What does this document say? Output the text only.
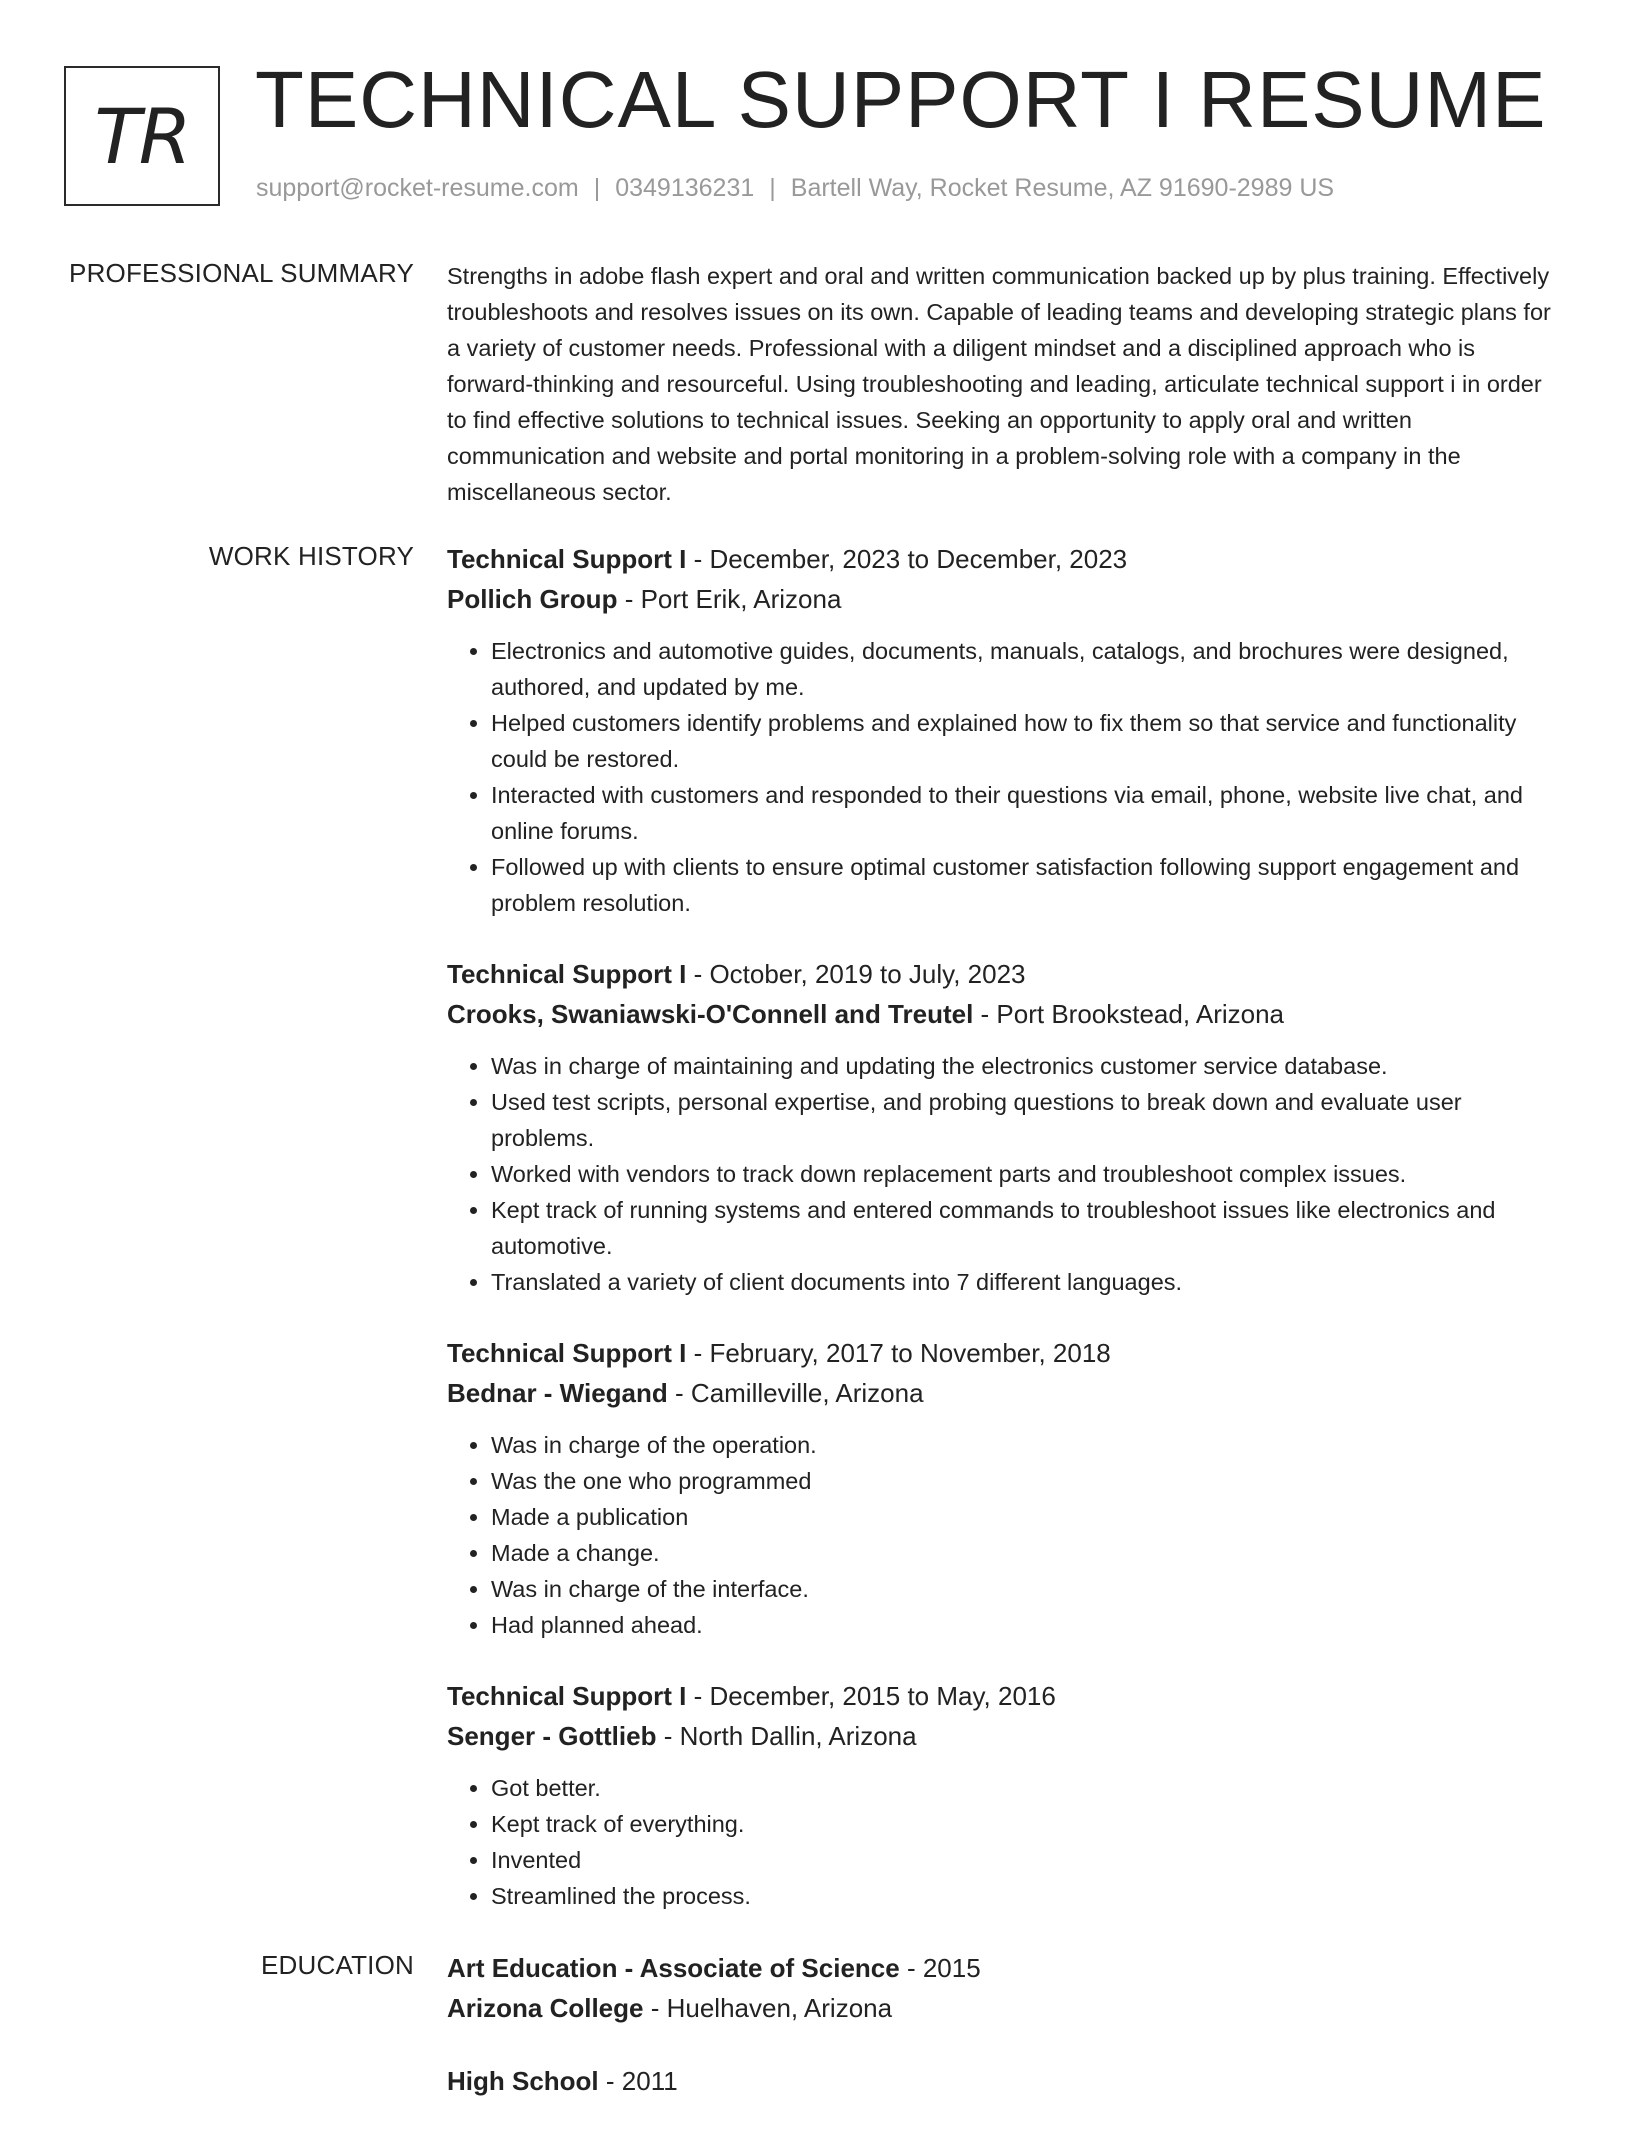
TR TECHNICAL SUPPORT I RESUME
support@rocket-resume.com | 0349136231 | Bartell Way, Rocket Resume, AZ 91690-2989 US
PROFESSIONAL SUMMARY Strengths in adobe flash expert and oral and written communication backed up by plus training. Effectively troubleshoots and resolves issues on its own. Capable of leading teams and developing strategic plans for a variety of customer needs. Professional with a diligent mindset and a disciplined approach who is forward-thinking and resourceful. Using troubleshooting and leading, articulate technical support i in order to find effective solutions to technical issues. Seeking an opportunity to apply oral and written communication and website and portal monitoring in a problem-solving role with a company in the miscellaneous sector.

WORK HISTORY Technical Support I - December, 2023 to December, 2023
Pollich Group - Port Erik, Arizona
• Electronics and automotive guides, documents, manuals, catalogs, and brochures were designed, authored, and updated by me.
• Helped customers identify problems and explained how to fix them so that service and functionality could be restored.
• Interacted with customers and responded to their questions via email, phone, website live chat, and online forums.
• Followed up with clients to ensure optimal customer satisfaction following support engagement and problem resolution.
Technical Support I - October, 2019 to July, 2023
Crooks, Swaniawski-O'Connell and Treutel - Port Brookstead, Arizona
• Was in charge of maintaining and updating the electronics customer service database.
• Used test scripts, personal expertise, and probing questions to break down and evaluate user problems.
• Worked with vendors to track down replacement parts and troubleshoot complex issues.
• Kept track of running systems and entered commands to troubleshoot issues like electronics and automotive.
• Translated a variety of client documents into 7 different languages.
Technical Support I - February, 2017 to November, 2018
Bednar - Wiegand - Camilleville, Arizona
• Was in charge of the operation.
• Was the one who programmed
• Made a publication
• Made a change.
• Was in charge of the interface.
• Had planned ahead.
Technical Support I - December, 2015 to May, 2016
Senger - Gottlieb - North Dallin, Arizona
• Got better.
• Kept track of everything.
• Invented
• Streamlined the process.
EDUCATION Art Education - Associate of Science - 2015
Arizona College - Huelhaven, Arizona
High School - 2011
